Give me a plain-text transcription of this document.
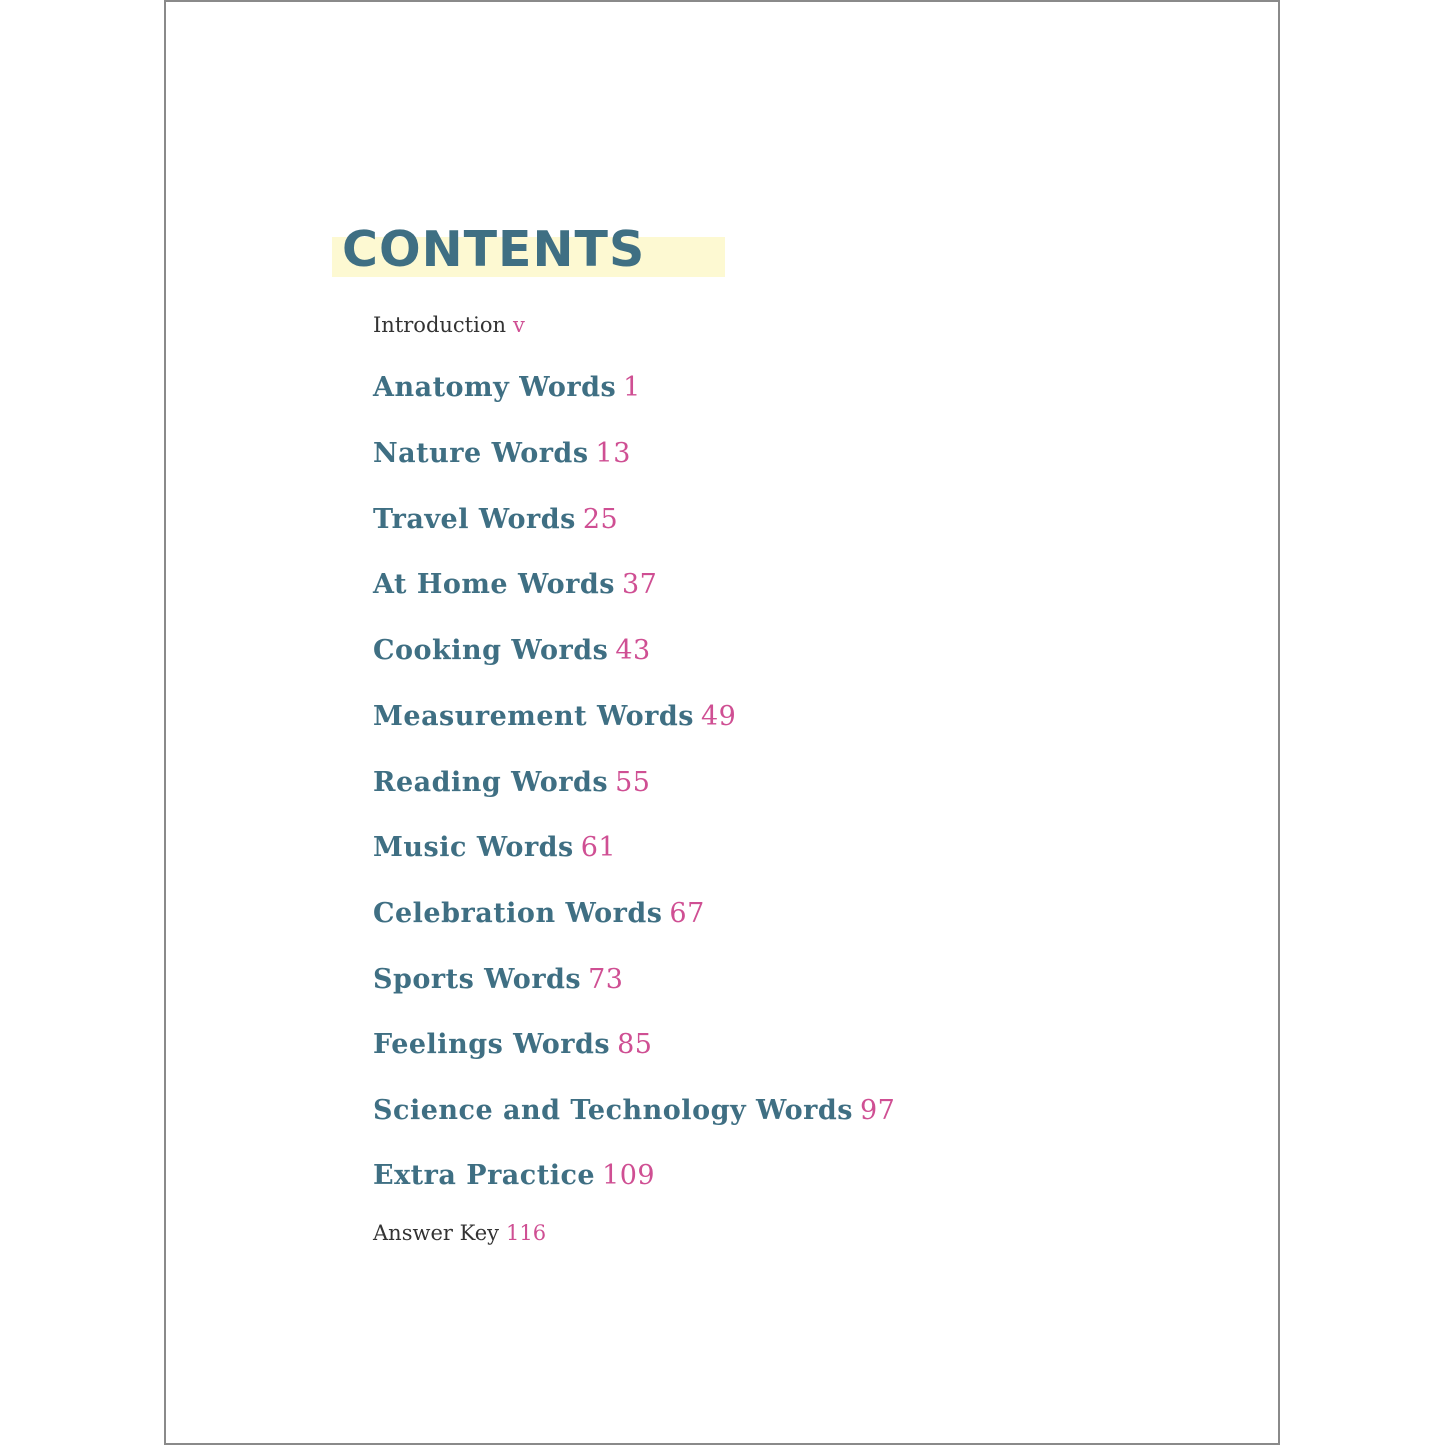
CONTENTS
Introduction v
Anatomy Words 1
Nature Words 13
Travel Words 25
At Home Words 37
Cooking Words 43
Measurement Words 49
Reading Words 55
Music Words 61
Celebration Words 67
Sports Words 73
Feelings Words 85
Science and Technology Words 97
Extra Practice 109
Answer Key 116
